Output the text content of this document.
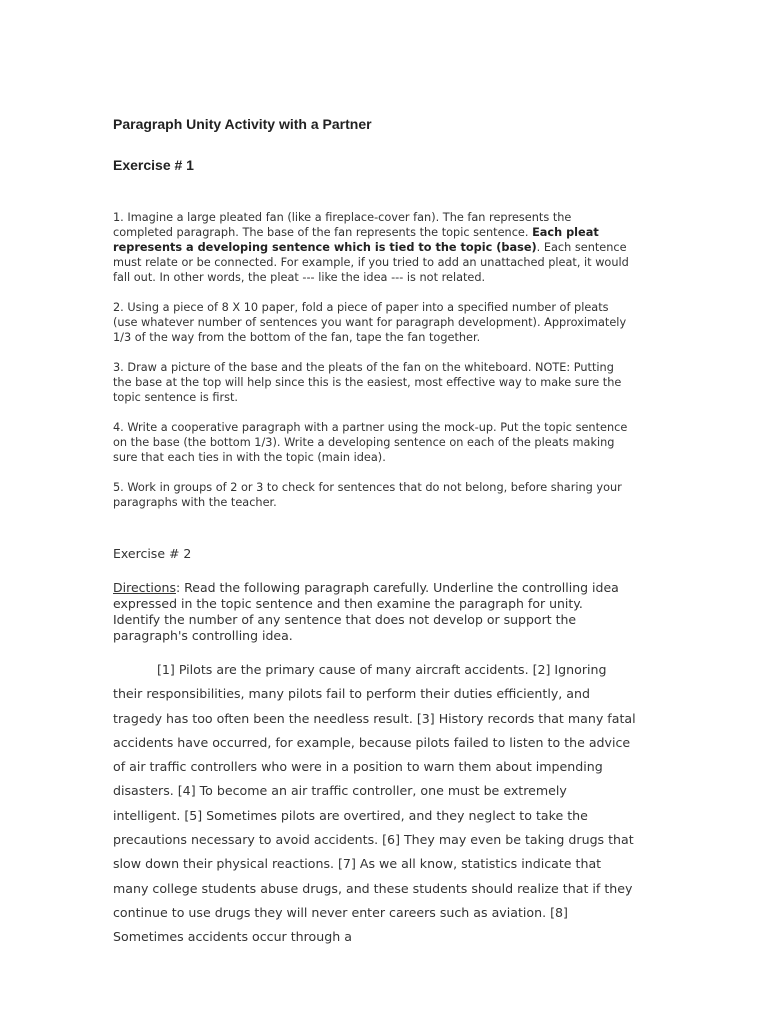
Paragraph Unity Activity with a Partner
Exercise # 1

1. Imagine a large pleated fan (like a fireplace-cover fan). The fan represents the completed paragraph. The base of the fan represents the topic sentence. Each pleat represents a developing sentence which is tied to the topic (base). Each sentence must relate or be connected. For example, if you tried to add an unattached pleat, it would fall out. In other words, the pleat --- like the idea --- is not related.

2. Using a piece of 8 X 10 paper, fold a piece of paper into a specified number of pleats (use whatever number of sentences you want for paragraph development). Approximately 1/3 of the way from the bottom of the fan, tape the fan together.

3. Draw a picture of the base and the pleats of the fan on the whiteboard. NOTE: Putting the base at the top will help since this is the easiest, most effective way to make sure the topic sentence is first.

4. Write a cooperative paragraph with a partner using the mock-up. Put the topic sentence on the base (the bottom 1/3). Write a developing sentence on each of the pleats making sure that each ties in with the topic (main idea).

5. Work in groups of 2 or 3 to check for sentences that do not belong, before sharing your paragraphs with the teacher.

Exercise # 2

Directions: Read the following paragraph carefully. Underline the controlling idea expressed in the topic sentence and then examine the paragraph for unity. Identify the number of any sentence that does not develop or support the paragraph's controlling idea.

[1] Pilots are the primary cause of many aircraft accidents. [2] Ignoring their responsibilities, many pilots fail to perform their duties efficiently, and tragedy has too often been the needless result. [3] History records that many fatal accidents have occurred, for example, because pilots failed to listen to the advice of air traffic controllers who were in a position to warn them about impending disasters. [4] To become an air traffic controller, one must be extremely intelligent. [5] Sometimes pilots are overtired, and they neglect to take the precautions necessary to avoid accidents. [6] They may even be taking drugs that slow down their physical reactions. [7] As we all know, statistics indicate that many college students abuse drugs, and these students should realize that if they continue to use drugs they will never enter careers such as aviation. [8] Sometimes accidents occur through a
